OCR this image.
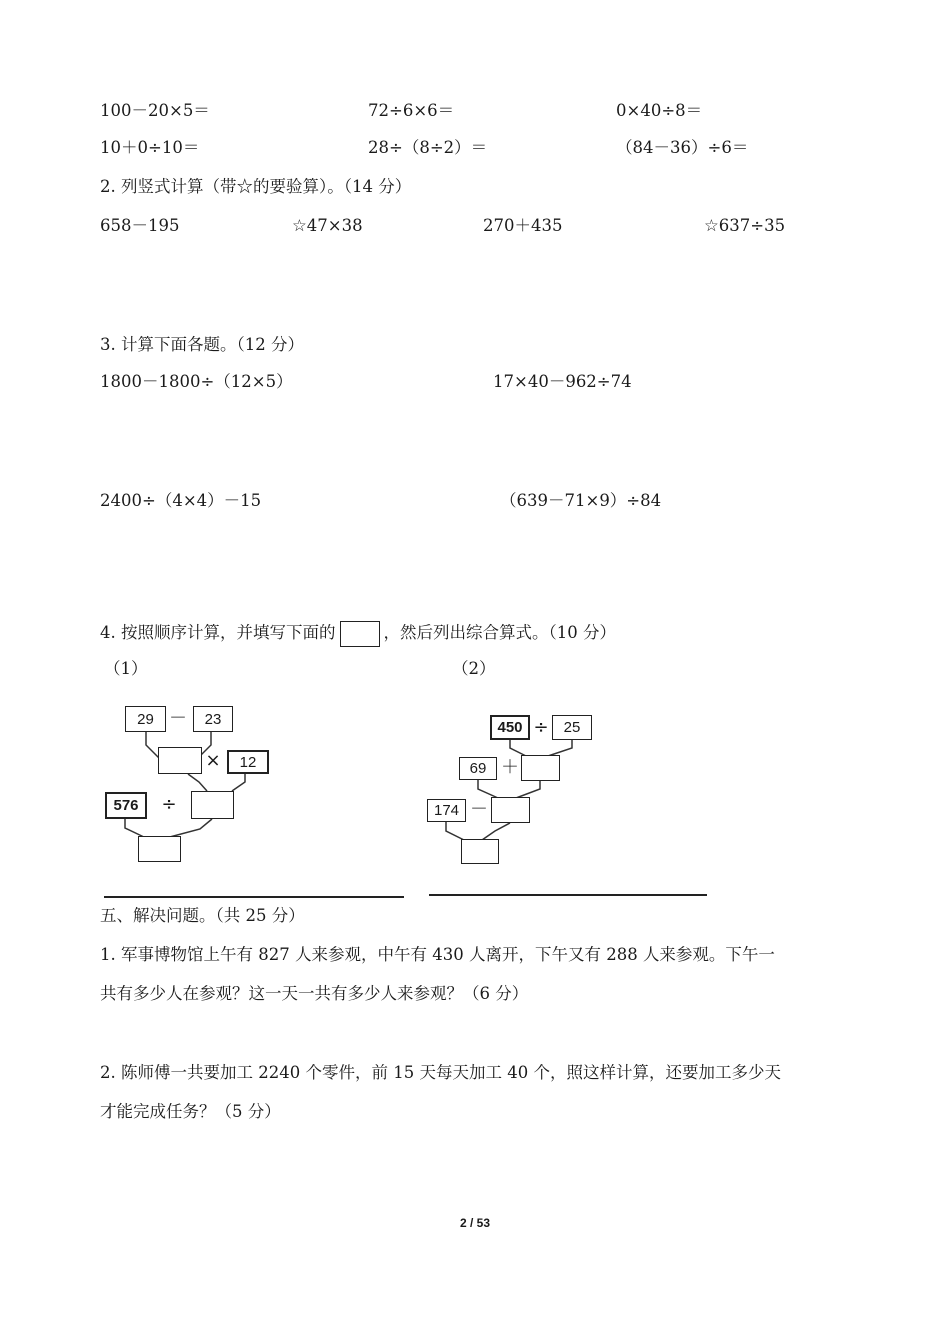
100－20×5＝	72÷6×6＝	0×40÷8＝
10＋0÷10＝	28÷（8÷2）＝	（84－36）÷6＝
2. 列竖式计算（带☆的要验算）。（14 分）
658－195	☆47×38	270＋435	☆637÷35
3. 计算下面各题。（12 分）
1800－1800÷（12×5）	17×40－962÷74
2400÷（4×4）－15	（639－71×9）÷84
4. 按照顺序计算，并填写下面的	，然后列出综合算式。（10 分）
（1）	（2）
29 －	23
×	12
576	÷
450 ÷	25
69 ＋
174 －
五、解决问题。（共 25 分）
1. 军事博物馆上午有 827 人来参观，中午有 430 人离开，下午又有 288 人来参观。下午一
共有多少人在参观？这一天一共有多少人来参观？（6 分）
2. 陈师傅一共要加工 2240 个零件，前 15 天每天加工 40 个，照这样计算，还要加工多少天
才能完成任务？（5 分）
2 / 53
